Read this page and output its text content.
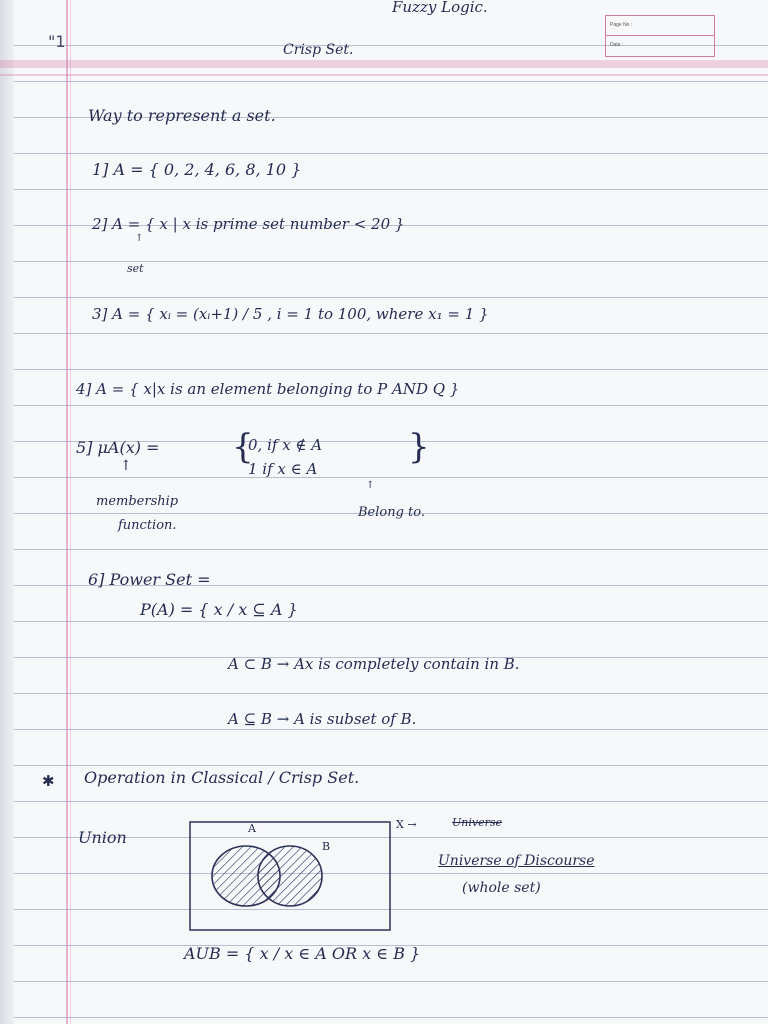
"1
Page No :
Date :
Fuzzy Logic.
Crisp Set.
Way to represent a set.
1] A = { 0, 2, 4, 6, 8, 10 }
2] A = { x | x is prime set number < 20 }
↑
set
3] A = { xᵢ = (xᵢ+1) / 5 , i = 1 to 100, where x₁ = 1 }
4] A = { x|x is an element belonging to P AND Q }
5] μA(x) = {
0, if x ∉ A
1 if x ∈ A
}
↑
membership
function.
↑
Belong to.
6] Power Set =
P(A) = { x / x ⊆ A }
A ⊂ B → Ax is completely contain in B.
A ⊆ B → A is subset of B.
✱ Operation in Classical / Crisp Set.
Union	A
B
X →	Universe
Universe of Discourse
(whole set)
AUB = { x / x ∈ A OR x ∈ B }
